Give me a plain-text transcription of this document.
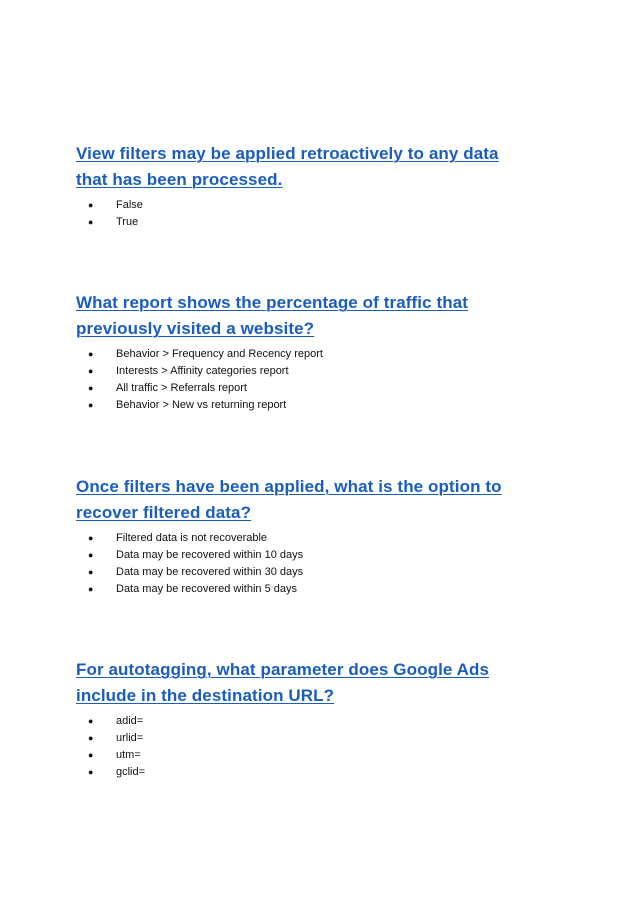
View filters may be applied retroactively to any data
that has been processed.
● False
● True
What report shows the percentage of traffic that
previously visited a website?
● Behavior > Frequency and Recency report
● Interests > Affinity categories report
● All traffic > Referrals report
● Behavior > New vs returning report
Once filters have been applied, what is the option to
recover filtered data?
● Filtered data is not recoverable
● Data may be recovered within 10 days
● Data may be recovered within 30 days
● Data may be recovered within 5 days
For autotagging, what parameter does Google Ads
include in the destination URL?
● adid=
● urlid=
● utm=
● gclid=
